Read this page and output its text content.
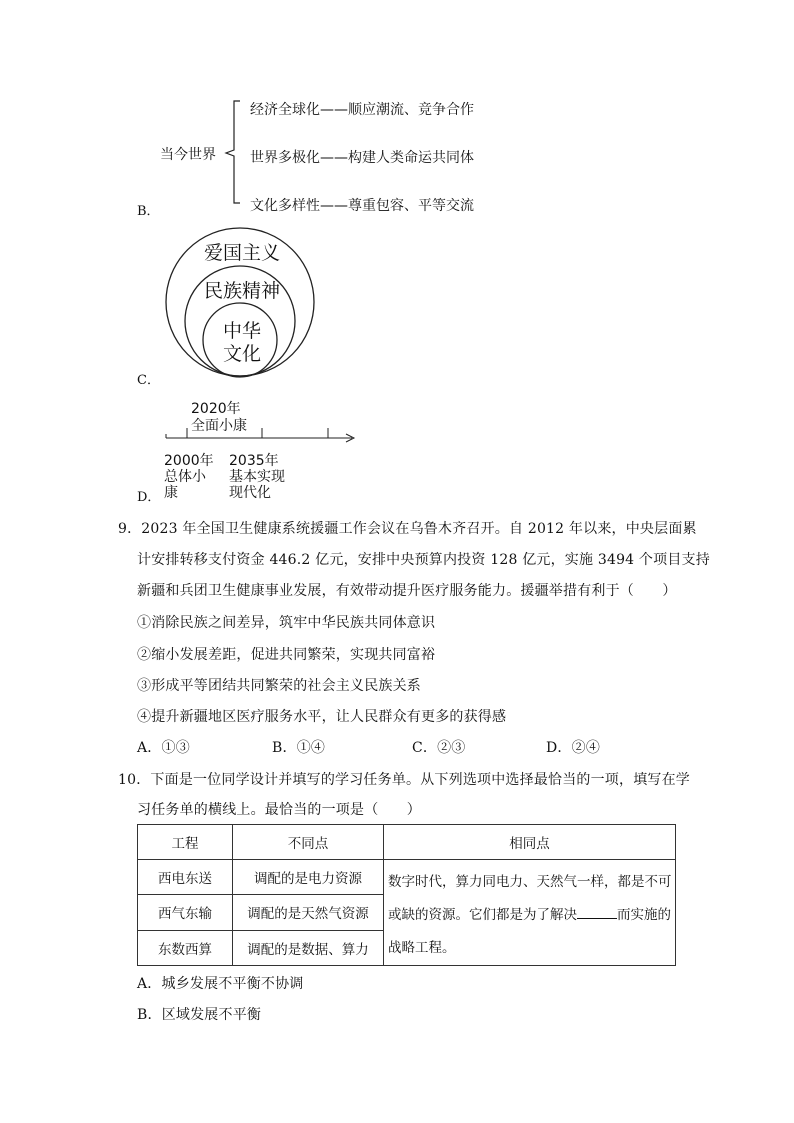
B．
当今世界
经济全球化——顺应潮流、竞争合作
世界多极化——构建人类命运共同体
文化多样性——尊重包容、平等交流
C．
爱国主义
民族精神
中华
文化
D．
2020年
全面小康
2000年
总体小
康
2035年
基本实现
现代化
9．2023 年全国卫生健康系统援疆工作会议在乌鲁木齐召开。自 2012 年以来，中央层面累
计安排转移支付资金 446.2 亿元，安排中央预算内投资 128 亿元，实施 3494 个项目支持
新疆和兵团卫生健康事业发展，有效带动提升医疗服务能力。援疆举措有利于（　　）
①消除民族之间差异，筑牢中华民族共同体意识
②缩小发展差距，促进共同繁荣，实现共同富裕
③形成平等团结共同繁荣的社会主义民族关系
④提升新疆地区医疗服务水平，让人民群众有更多的获得感
A．①③	B．①④	C．②③	D．②④
10．下面是一位同学设计并填写的学习任务单。从下列选项中选择最恰当的一项，填写在学
习任务单的横线上。最恰当的一项是（　　）
工程	不同点	相同点
西电东送	调配的是电力资源	数字时代，算力同电力、天然气一样，都是不可或缺的资源。它们都是为了解决 而实施的战略工程。
西气东输	调配的是天然气资源	
东数西算	调配的是数据、算力	
A．城乡发展不平衡不协调
B．区域发展不平衡
